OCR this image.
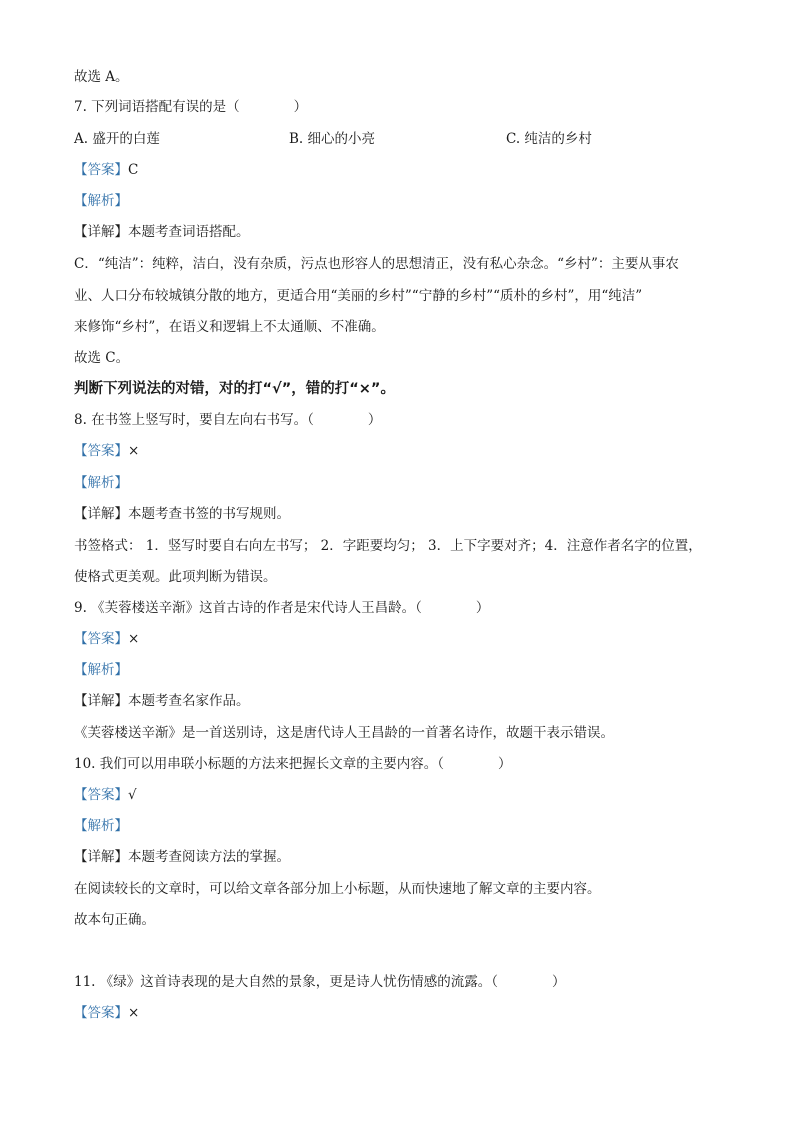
故选 A。
7. 下列词语搭配有误的是（　　　　）
A. 盛开的白莲	B. 细心的小亮	C. 纯洁的乡村
【答案】C
【解析】
【详解】本题考查词语搭配。
C．“纯洁”：纯粹，洁白，没有杂质，污点也形容人的思想清正，没有私心杂念。“乡村”：主要从事农
业、人口分布较城镇分散的地方，更适合用“美丽的乡村”“宁静的乡村”“质朴的乡村”，用“纯洁”
来修饰“乡村”，在语义和逻辑上不太通顺、不准确。
故选 C。
判断下列说法的对错，对的打“√”，错的打“×”。
8. 在书签上竖写时，要自左向右书写。（　　　　）
【答案】×
【解析】
【详解】本题考查书签的书写规则。
书签格式： 1．竖写时要自右向左书写； 2．字距要均匀； 3．上下字要对齐；4．注意作者名字的位置，
使格式更美观。此项判断为错误。
9. 《芙蓉楼送辛渐》这首古诗的作者是宋代诗人王昌龄。（　　　　）
【答案】×
【解析】
【详解】本题考查名家作品。
《芙蓉楼送辛渐》是一首送别诗，这是唐代诗人王昌龄的一首著名诗作，故题干表示错误。
10. 我们可以用串联小标题的方法来把握长文章的主要内容。（　　　　）
【答案】√
【解析】
【详解】本题考查阅读方法的掌握。
在阅读较长的文章时，可以给文章各部分加上小标题，从而快速地了解文章的主要内容。
故本句正确。
11. 《绿》这首诗表现的是大自然的景象，更是诗人忧伤情感的流露。（　　　　）
【答案】×
